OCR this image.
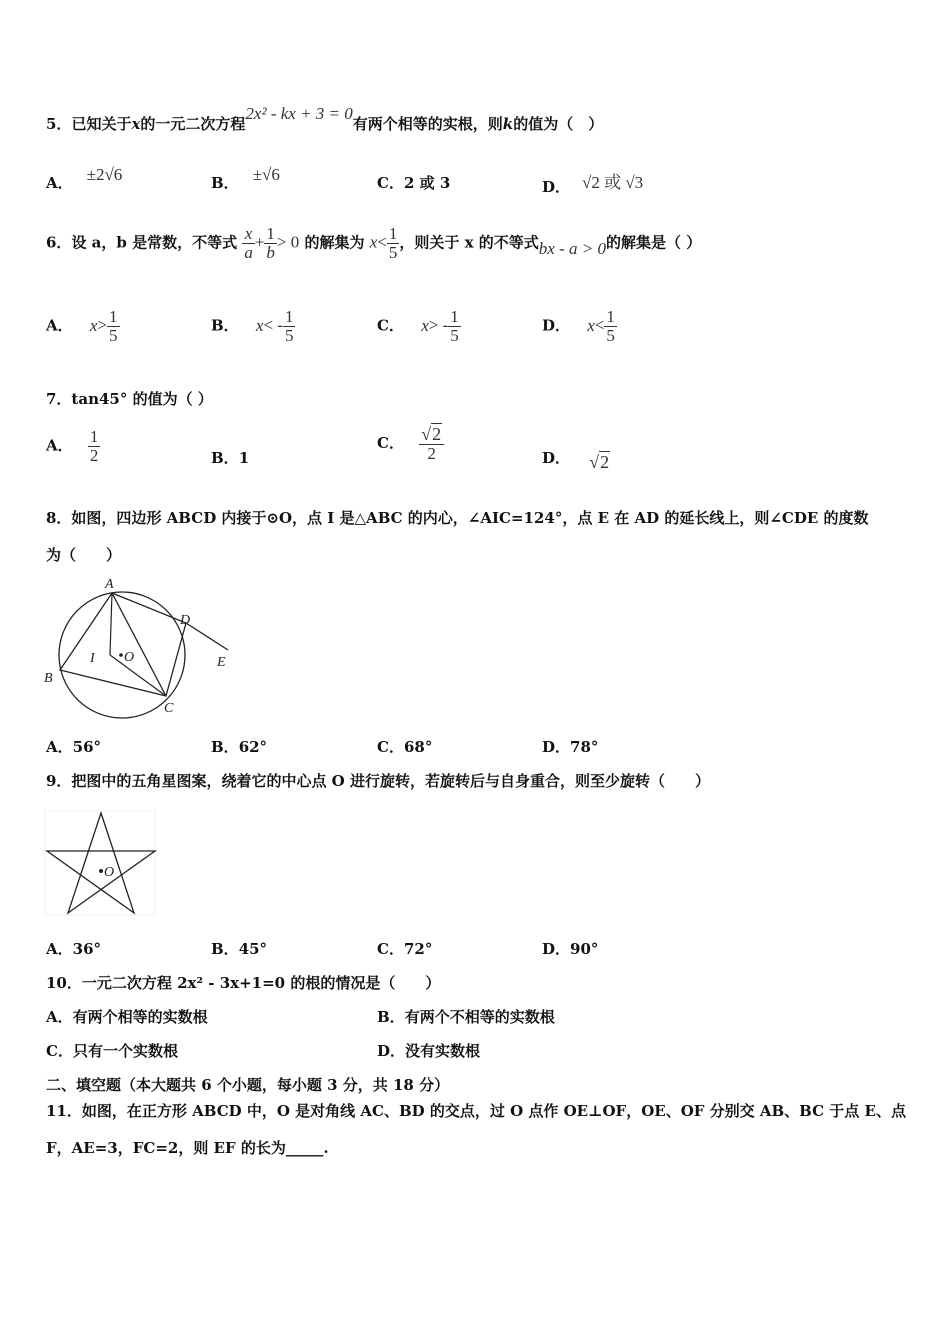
5．已知关于x的一元二次方程2x² - kx + 3 = 0有两个相等的实根，则k的值为（　）
A． ±2√6	B． ±√6	C．2 或 3	D． √2 或 √3
6．设 a，b 是常数，不等式 $\frac{x}{a} + \frac{1}{b} > 0$ 的解集为 $x< \frac{1}{5}$ ，则关于 x 的不等式bx - a > 0的解集是（ ）
A． $x> \frac{1}{5}$	B． $x< - \frac{1}{5}$	C． $x> - \frac{1}{5}$	D． $x< \frac{1}{5}$
7．tan45° 的值为（ ）
A． $\frac{1}{2}$	B．1
C． $\frac{√2}{2}$	D． √2
8．如图，四边形 ABCD 内接于⊙O，点 I 是△ABC 的内心，∠AIC=124°，点 E 在 AD 的延长线上，则∠CDE 的度数
为（　　）
A
B
C
D
E
I O
A．56°	B．62°	C．68°	D．78°
9．把图中的五角星图案，绕着它的中心点 O 进行旋转，若旋转后与自身重合，则至少旋转（　　）
O
A．36°	B．45°	C．72°	D．90°
10．一元二次方程 2x² - 3x+1=0 的根的情况是（　　）
A．有两个相等的实数根	B．有两个不相等的实数根
C．只有一个实数根	D．没有实数根
二、填空题（本大题共 6 个小题，每小题 3 分，共 18 分）
11．如图，在正方形 ABCD 中，O 是对角线 AC、BD 的交点，过 O 点作 OE⊥OF，OE、OF 分别交 AB、BC 于点 E、点
F，AE=3，FC=2，则 EF 的长为_____.
